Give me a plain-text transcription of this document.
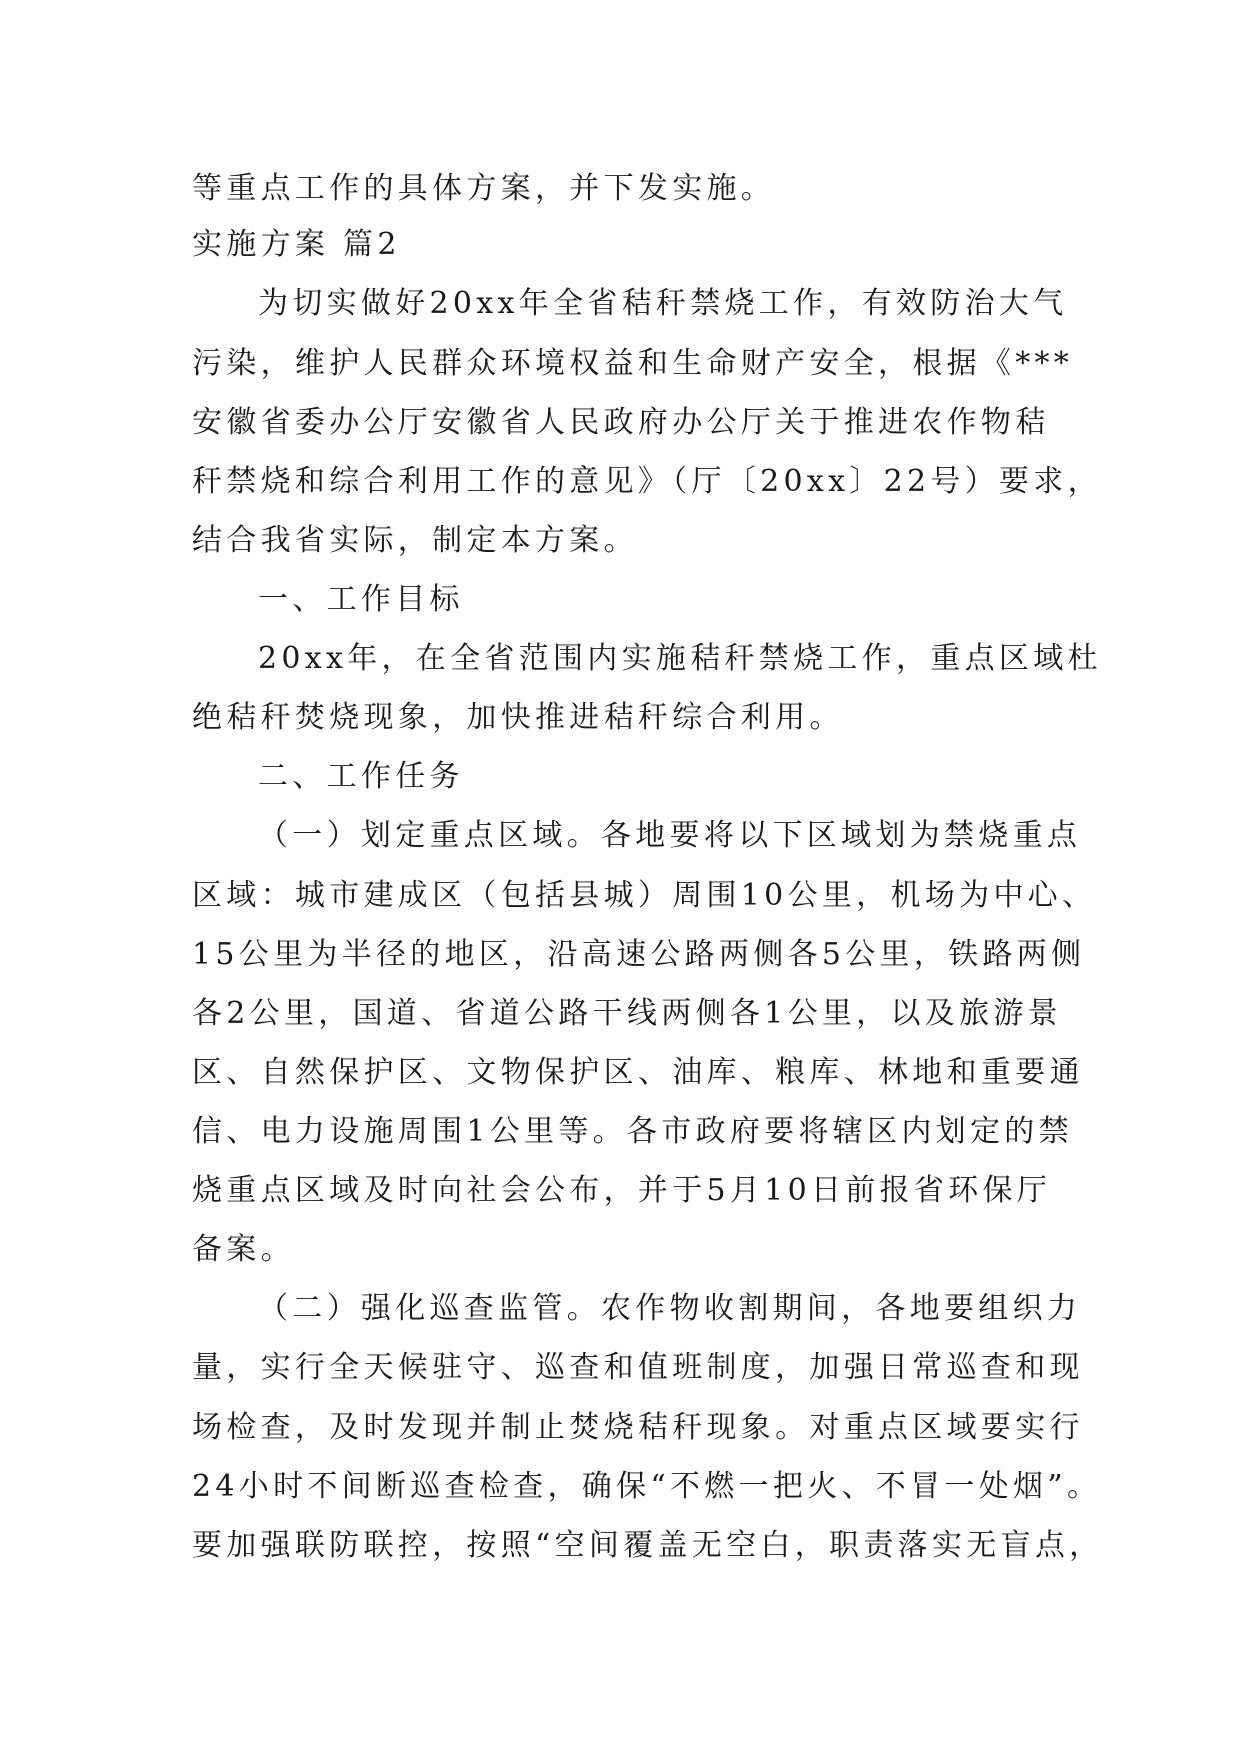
等重点工作的具体方案，并下发实施。
实施方案 篇2
为切实做好20xx年全省秸秆禁烧工作，有效防治大气
污染，维护人民群众环境权益和生命财产安全，根据《***
安徽省委办公厅安徽省人民政府办公厅关于推进农作物秸
秆禁烧和综合利用工作的意见》（厅〔20xx〕22号）要求，
结合我省实际，制定本方案。
一、工作目标
20xx年，在全省范围内实施秸秆禁烧工作，重点区域杜
绝秸秆焚烧现象，加快推进秸秆综合利用。
二、工作任务
（一）划定重点区域。各地要将以下区域划为禁烧重点
区域：城市建成区（包括县城）周围10公里，机场为中心、
15公里为半径的地区，沿高速公路两侧各5公里，铁路两侧
各2公里，国道、省道公路干线两侧各1公里，以及旅游景
区、自然保护区、文物保护区、油库、粮库、林地和重要通
信、电力设施周围1公里等。各市政府要将辖区内划定的禁
烧重点区域及时向社会公布，并于5月10日前报省环保厅
备案。
（二）强化巡查监管。农作物收割期间，各地要组织力
量，实行全天候驻守、巡查和值班制度，加强日常巡查和现
场检查，及时发现并制止焚烧秸秆现象。对重点区域要实行
24小时不间断巡查检查，确保“不燃一把火、不冒一处烟”。
要加强联防联控，按照“空间覆盖无空白，职责落实无盲点，
